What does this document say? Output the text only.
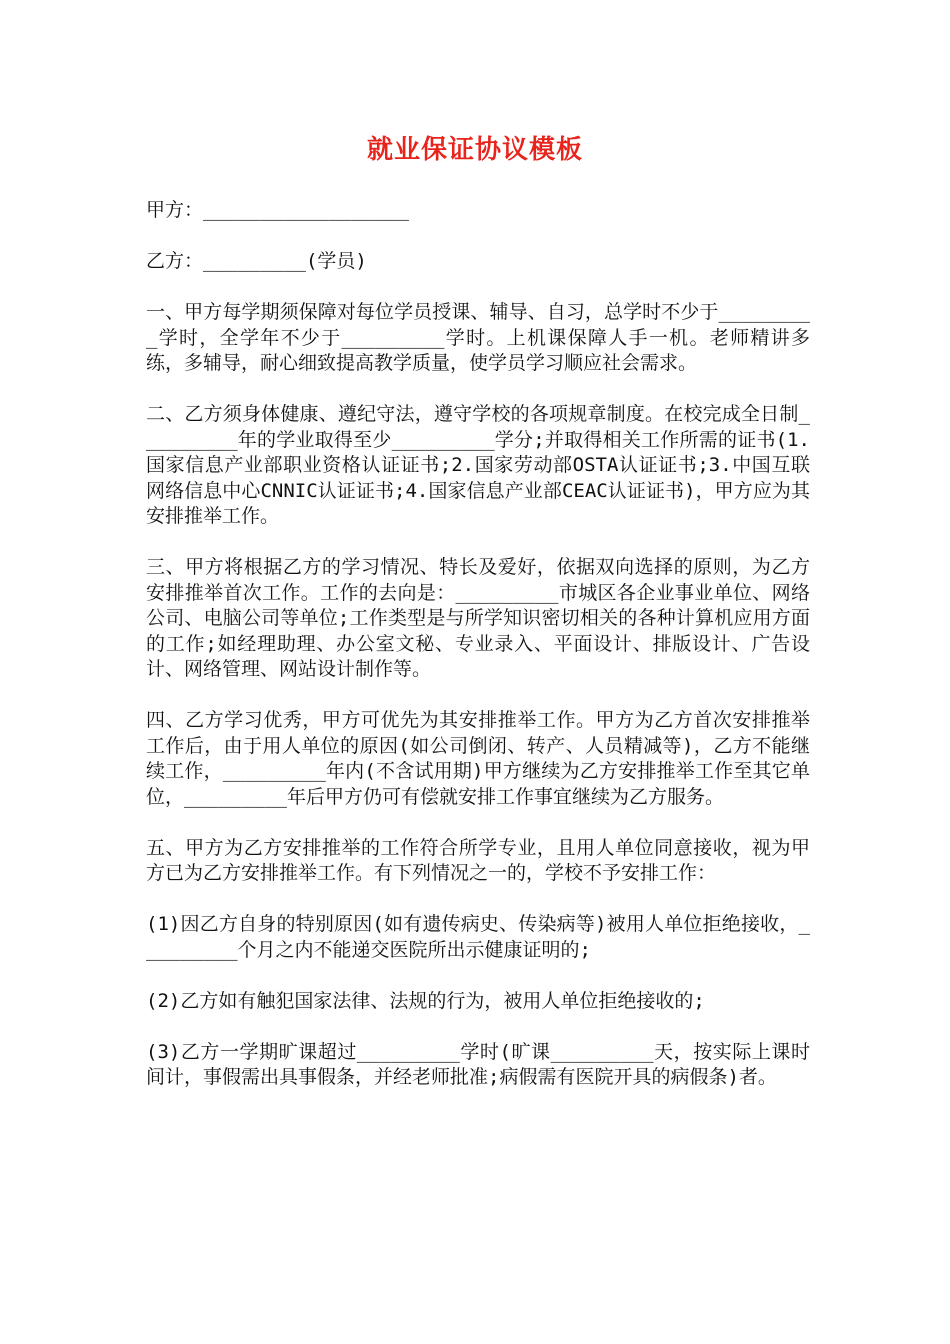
就业保证协议模板

甲方：__________________

乙方：_________(学员)

一、甲方每学期须保障对每位学员授课、辅导、自习，总学时不少于_________学时，全学年不少于_________学时。上机课保障人手一机。老师精讲多练，多辅导，耐心细致提高教学质量，使学员学习顺应社会需求。

二、乙方须身体健康、遵纪守法，遵守学校的各项规章制度。在校完成全日制_________年的学业取得至少_________学分;并取得相关工作所需的证书(1.国家信息产业部职业资格认证证书;2.国家劳动部OSTA认证证书;3.中国互联网络信息中心CNNIC认证证书;4.国家信息产业部CEAC认证证书)，甲方应为其安排推举工作。

三、甲方将根据乙方的学习情况、特长及爱好，依据双向选择的原则，为乙方安排推举首次工作。工作的去向是：_________市城区各企业事业单位、网络公司、电脑公司等单位;工作类型是与所学知识密切相关的各种计算机应用方面的工作;如经理助理、办公室文秘、专业录入、平面设计、排版设计、广告设计、网络管理、网站设计制作等。

四、乙方学习优秀，甲方可优先为其安排推举工作。甲方为乙方首次安排推举工作后，由于用人单位的原因(如公司倒闭、转产、人员精减等)，乙方不能继续工作，_________年内(不含试用期)甲方继续为乙方安排推举工作至其它单位，_________年后甲方仍可有偿就安排工作事宜继续为乙方服务。

五、甲方为乙方安排推举的工作符合所学专业，且用人单位同意接收，视为甲方已为乙方安排推举工作。有下列情况之一的，学校不予安排工作：

(1)因乙方自身的特别原因(如有遗传病史、传染病等)被用人单位拒绝接收，_________个月之内不能递交医院所出示健康证明的;

(2)乙方如有触犯国家法律、法规的行为，被用人单位拒绝接收的;

(3)乙方一学期旷课超过_________学时(旷课_________天，按实际上课时间计，事假需出具事假条，并经老师批准;病假需有医院开具的病假条)者。
